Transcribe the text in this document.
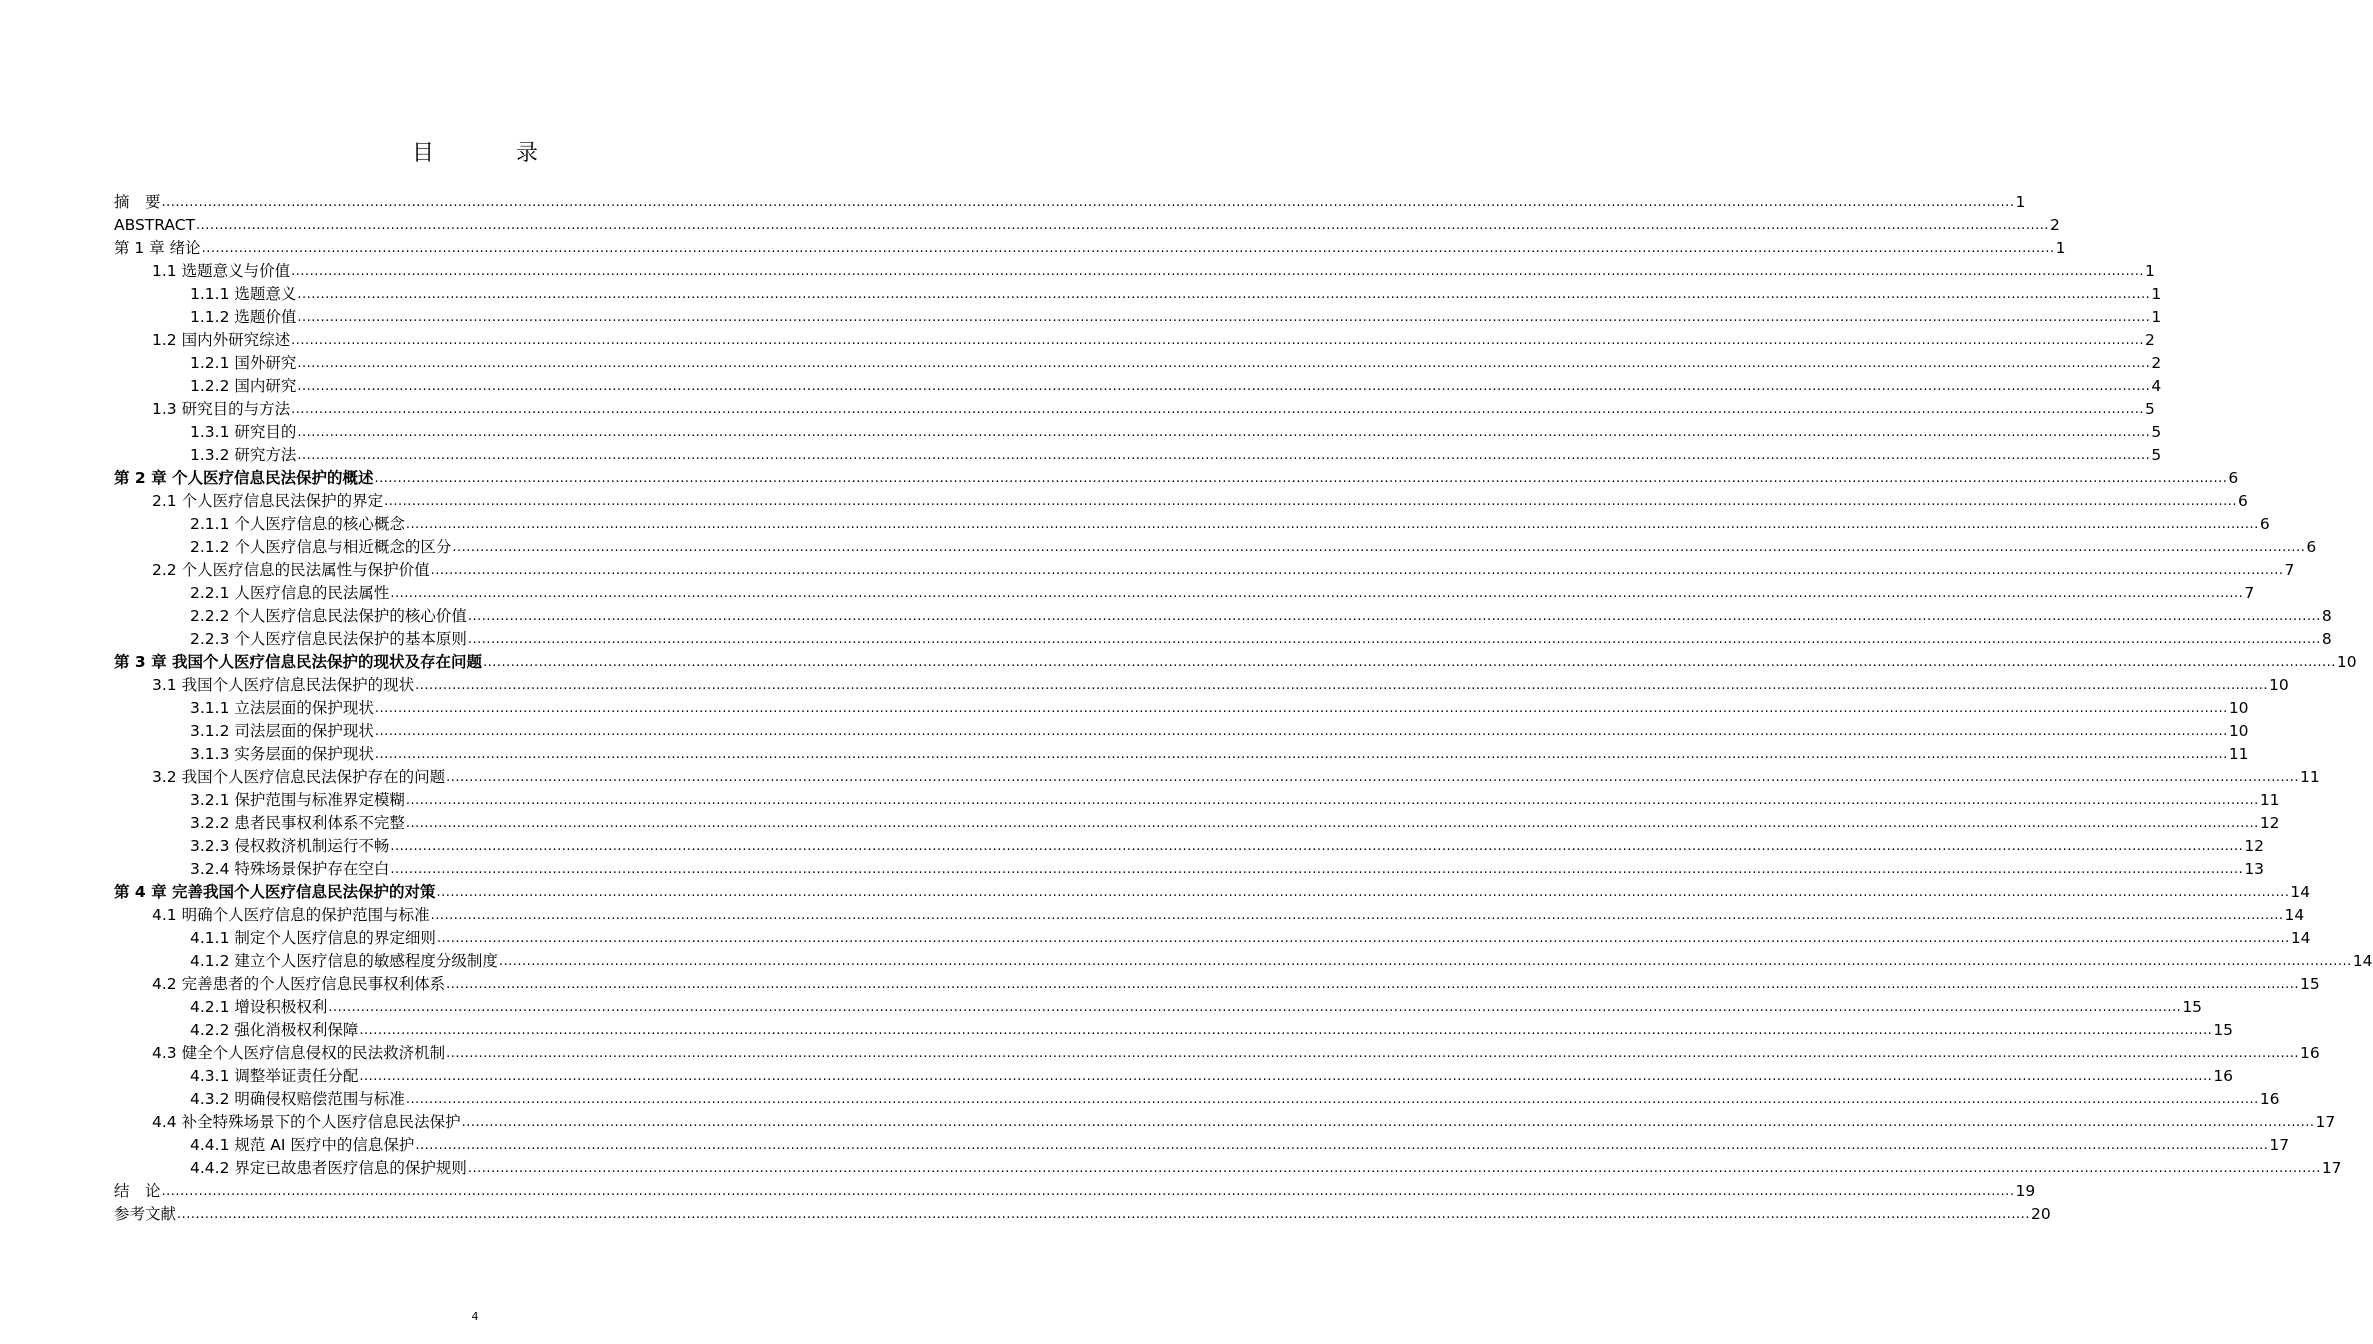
目　录
摘　要 ................................................................................................................................................................................................................................................................................................................................................................................................................ 1
ABSTRACT ................................................................................................................................................................................................................................................................................................................................................................................................................ 2
第 1 章 绪论 ................................................................................................................................................................................................................................................................................................................................................................................................................ 1
1.1 选题意义与价值 ................................................................................................................................................................................................................................................................................................................................................................................................................ 1
1.1.1 选题意义 ................................................................................................................................................................................................................................................................................................................................................................................................................ 1
1.1.2 选题价值 ................................................................................................................................................................................................................................................................................................................................................................................................................ 1
1.2 国内外研究综述 ................................................................................................................................................................................................................................................................................................................................................................................................................ 2
1.2.1 国外研究 ................................................................................................................................................................................................................................................................................................................................................................................................................ 2
1.2.2 国内研究 ................................................................................................................................................................................................................................................................................................................................................................................................................ 4
1.3 研究目的与方法 ................................................................................................................................................................................................................................................................................................................................................................................................................ 5
1.3.1 研究目的 ................................................................................................................................................................................................................................................................................................................................................................................................................ 5
1.3.2 研究方法 ................................................................................................................................................................................................................................................................................................................................................................................................................ 5
第 2 章 个人医疗信息民法保护的概述 ................................................................................................................................................................................................................................................................................................................................................................................................................ 6
2.1 个人医疗信息民法保护的界定 ................................................................................................................................................................................................................................................................................................................................................................................................................ 6
2.1.1 个人医疗信息的核心概念 ................................................................................................................................................................................................................................................................................................................................................................................................................ 6
2.1.2 个人医疗信息与相近概念的区分 ................................................................................................................................................................................................................................................................................................................................................................................................................ 6
2.2 个人医疗信息的民法属性与保护价值 ................................................................................................................................................................................................................................................................................................................................................................................................................ 7
2.2.1 人医疗信息的民法属性 ................................................................................................................................................................................................................................................................................................................................................................................................................ 7
2.2.2 个人医疗信息民法保护的核心价值 ................................................................................................................................................................................................................................................................................................................................................................................................................ 8
2.2.3 个人医疗信息民法保护的基本原则 ................................................................................................................................................................................................................................................................................................................................................................................................................ 8
第 3 章 我国个人医疗信息民法保护的现状及存在问题 ................................................................................................................................................................................................................................................................................................................................................................................................................ 10
3.1 我国个人医疗信息民法保护的现状 ................................................................................................................................................................................................................................................................................................................................................................................................................ 10
3.1.1 立法层面的保护现状 ................................................................................................................................................................................................................................................................................................................................................................................................................ 10
3.1.2 司法层面的保护现状 ................................................................................................................................................................................................................................................................................................................................................................................................................ 10
3.1.3 实务层面的保护现状 ................................................................................................................................................................................................................................................................................................................................................................................................................ 11
3.2 我国个人医疗信息民法保护存在的问题 ................................................................................................................................................................................................................................................................................................................................................................................................................ 11
3.2.1 保护范围与标准界定模糊 ................................................................................................................................................................................................................................................................................................................................................................................................................ 11
3.2.2 患者民事权利体系不完整 ................................................................................................................................................................................................................................................................................................................................................................................................................ 12
3.2.3 侵权救济机制运行不畅 ................................................................................................................................................................................................................................................................................................................................................................................................................ 12
3.2.4 特殊场景保护存在空白 ................................................................................................................................................................................................................................................................................................................................................................................................................ 13
第 4 章 完善我国个人医疗信息民法保护的对策 ................................................................................................................................................................................................................................................................................................................................................................................................................ 14
4.1 明确个人医疗信息的保护范围与标准 ................................................................................................................................................................................................................................................................................................................................................................................................................ 14
4.1.1 制定个人医疗信息的界定细则 ................................................................................................................................................................................................................................................................................................................................................................................................................ 14
4.1.2 建立个人医疗信息的敏感程度分级制度 ................................................................................................................................................................................................................................................................................................................................................................................................................ 14
4.2 完善患者的个人医疗信息民事权利体系 ................................................................................................................................................................................................................................................................................................................................................................................................................ 15
4.2.1 增设积极权利 ................................................................................................................................................................................................................................................................................................................................................................................................................ 15
4.2.2 强化消极权利保障 ................................................................................................................................................................................................................................................................................................................................................................................................................ 15
4.3 健全个人医疗信息侵权的民法救济机制 ................................................................................................................................................................................................................................................................................................................................................................................................................ 16
4.3.1 调整举证责任分配 ................................................................................................................................................................................................................................................................................................................................................................................................................ 16
4.3.2 明确侵权赔偿范围与标准 ................................................................................................................................................................................................................................................................................................................................................................................................................ 16
4.4 补全特殊场景下的个人医疗信息民法保护 ................................................................................................................................................................................................................................................................................................................................................................................................................ 17
4.4.1 规范 AI 医疗中的信息保护 ................................................................................................................................................................................................................................................................................................................................................................................................................ 17
4.4.2 界定已故患者医疗信息的保护规则 ................................................................................................................................................................................................................................................................................................................................................................................................................ 17
结　论 ................................................................................................................................................................................................................................................................................................................................................................................................................ 19
参考文献 ................................................................................................................................................................................................................................................................................................................................................................................................................ 20
4
